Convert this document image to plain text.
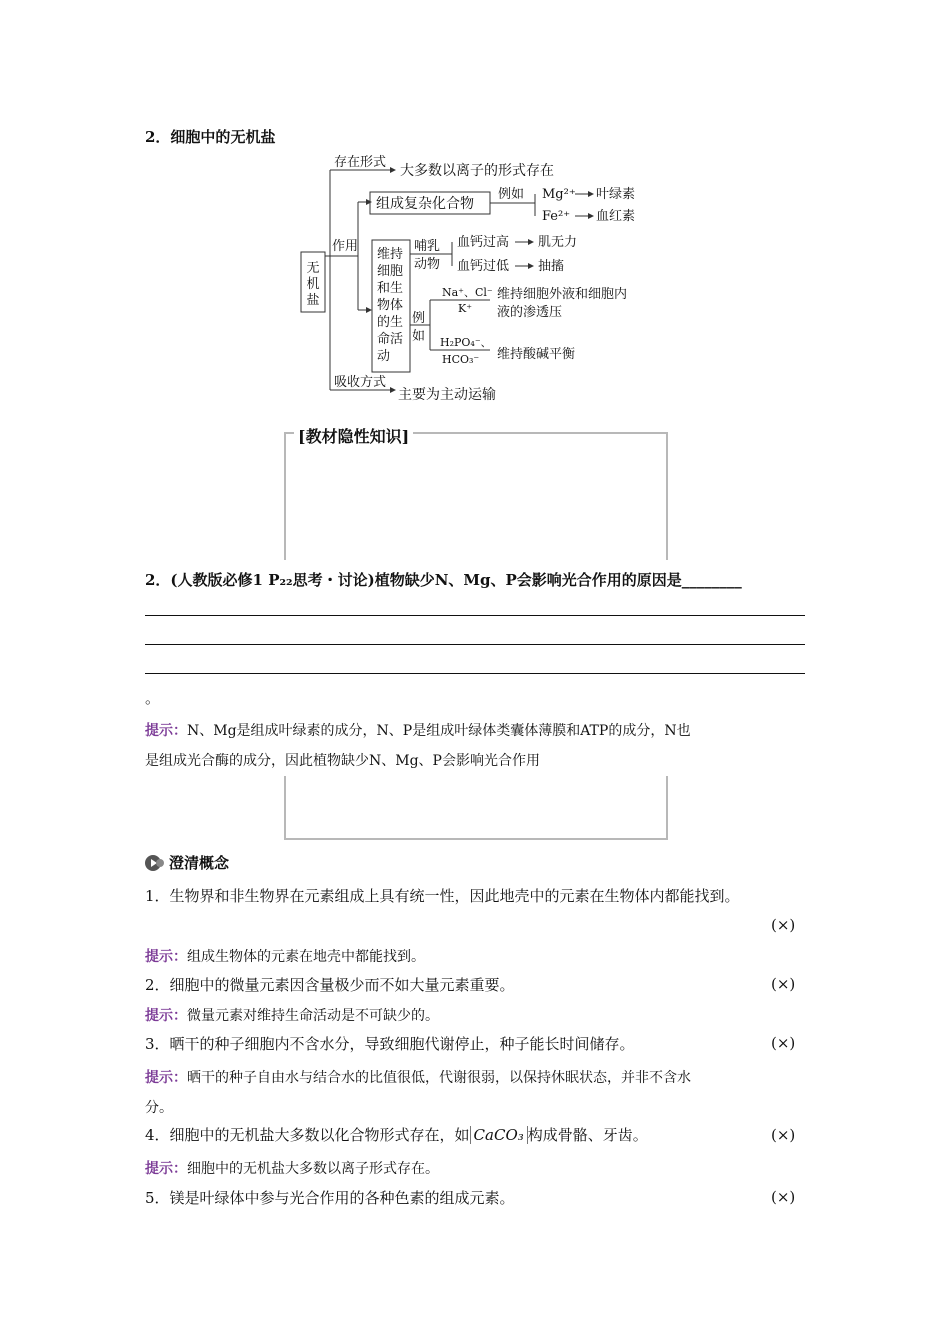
2．细胞中的无机盐
无机盐
存在形式
大多数以离子的形式存在
作用
组成复杂化合物
例如 Mg²⁺ 叶绿素
Fe²⁺ 血红素
维持
细胞
和生
物体
的生
命活
动
哺乳
动物
血钙过高 肌无力
血钙过低 抽搐
例
如
Na⁺、Cl⁻
K⁺
维持细胞外液和细胞内
液的渗透压
H₂PO₄⁻、
HCO₃⁻ 维持酸碱平衡
吸收方式
主要为主动运输
[教材隐性知识]
2．(人教版必修1 P₂₂思考・讨论)植物缺少N、Mg、P会影响光合作用的原因是________
。
提示：N、Mg是组成叶绿素的成分，N、P是组成叶绿体类囊体薄膜和ATP的成分，N也
是组成光合酶的成分，因此植物缺少N、Mg、P会影响光合作用
澄清概念
1．生物界和非生物界在元素组成上具有统一性，因此地壳中的元素在生物体内都能找到。
(×)
提示：组成生物体的元素在地壳中都能找到。
2．细胞中的微量元素因含量极少而不如大量元素重要。	(×)
提示：微量元素对维持生命活动是不可缺少的。
3．晒干的种子细胞内不含水分，导致细胞代谢停止，种子能长时间储存。	(×)
提示：晒干的种子自由水与结合水的比值很低，代谢很弱，以保持休眠状态，并非不含水
分。
4．细胞中的无机盐大多数以化合物形式存在，如 CaCO₃ 构成骨骼、牙齿。	(×)
提示：细胞中的无机盐大多数以离子形式存在。
5．镁是叶绿体中参与光合作用的各种色素的组成元素。	(×)
